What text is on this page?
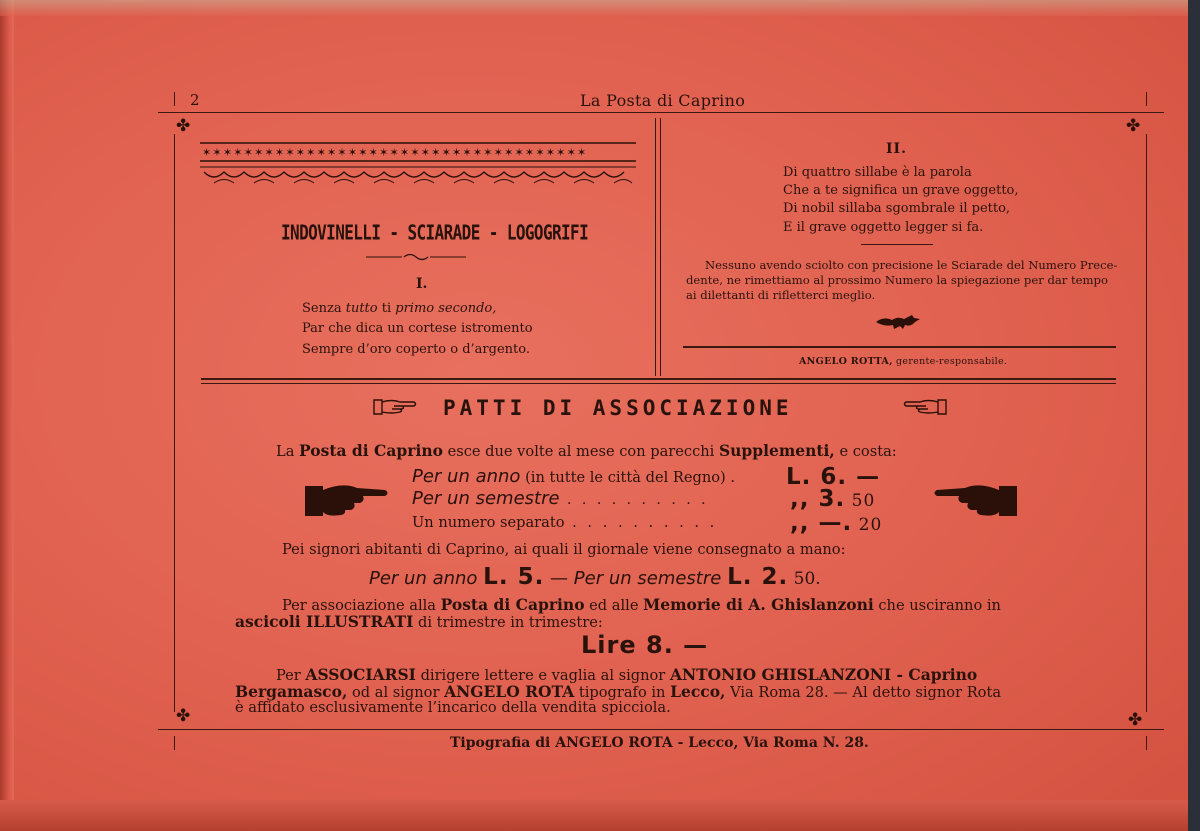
2	La Posta di Caprino
✤	✤
✤	✤
✶✶✶✶✶✶✶✶✶✶✶✶✶✶✶✶✶✶✶✶✶✶✶✶✶✶✶✶✶✶✶✶✶✶✶✶✶
INDOVINELLI - SCIARADE - LOGOGRIFI
I.
Senza tutto ti primo secondo,
Par che dica un cortese istromento
Sempre d’oro coperto o d’argento.
II.
Di quattro sillabe è la parola
Che a te significa un grave oggetto,
Di nobil sillaba sgombrale il petto,
E il grave oggetto legger si fa.
Nessuno avendo sciolto con precisione le Sciarade del Numero Prece-
dente, ne rimettiamo al prossimo Numero la spiegazione per dar tempo
ai dilettanti di rifletterci meglio.
ANGELO ROTTA, gerente-responsabile.
PATTI DI ASSOCIAZIONE
La Posta di Caprino esce due volte al mese con parecchi Supplementi, e costa:
Per un anno (in tutte le città del Regno) . L. 6. —
Per un semestre . . . . . . . . . .	,, 3. 50
Un numero separato . . . . . . . . . .	,, —. 20
Pei signori abitanti di Caprino, ai quali il giornale viene consegnato a mano:
Per un anno L. 5. — Per un semestre L. 2. 50.
Per associazione alla Posta di Caprino ed alle Memorie di A. Ghislanzoni che usciranno in
ascicoli ILLUSTRATI di trimestre in trimestre:
Lire 8. —
Per ASSOCIARSI dirigere lettere e vaglia al signor ANTONIO GHISLANZONI - Caprino
Bergamasco, od al signor ANGELO ROTA tipografo in Lecco, Via Roma 28. — Al detto signor Rota
è affidato esclusivamente l’incarico della vendita spicciola.
Tipografia di ANGELO ROTA - Lecco, Via Roma N. 28.
